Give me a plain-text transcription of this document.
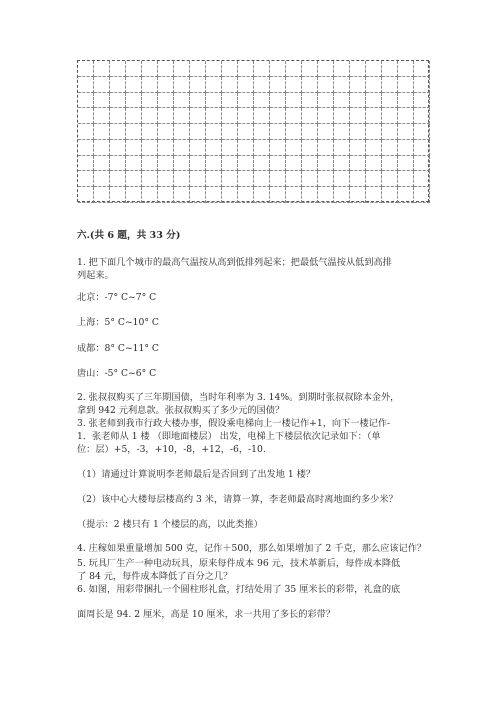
六.(共 6 题，共 33 分)
1. 把下面几个城市的最高气温按从高到低排列起来；把最低气温按从低到高排
列起来。
北京：-7° C~7° C
上海：5° C~10° C
成都：8° C~11° C
唐山：-5° C~6° C
2. 张叔叔购买了三年期国债，当时年利率为 3. 14%。到期时张叔叔除本金外，
拿到 942 元利息款。张叔叔购买了多少元的国债？
3. 张老师到我市行政大楼办事，假设乘电梯向上一楼记作+1，向下一楼记作-
1．张老师从 1 楼 （即地面楼层） 出发，电梯上下楼层依次记录如下：（单
位：层）+5，-3，+10，-8，+12，-6，-10.
（1）请通过计算说明李老师最后是否回到了出发地 1 楼？
（2）该中心大楼每层楼高约 3 米，请算一算，李老师最高时离地面约多少米？
（提示：2 楼只有 1 个楼层的高，以此类推）
4. 庄稼如果重量增加 500 克，记作＋500，那么如果增加了 2 千克，那么应该记作？
5. 玩具厂生产一种电动玩具，原来每件成本 96 元，技术革新后，每件成本降低
了 84 元，每件成本降低了百分之几？
6. 如图，用彩带捆扎一个圆柱形礼盒，打结处用了 35 厘米长的彩带，礼盒的底
面周长是 94. 2 厘米，高是 10 厘米，求一共用了多长的彩带？
